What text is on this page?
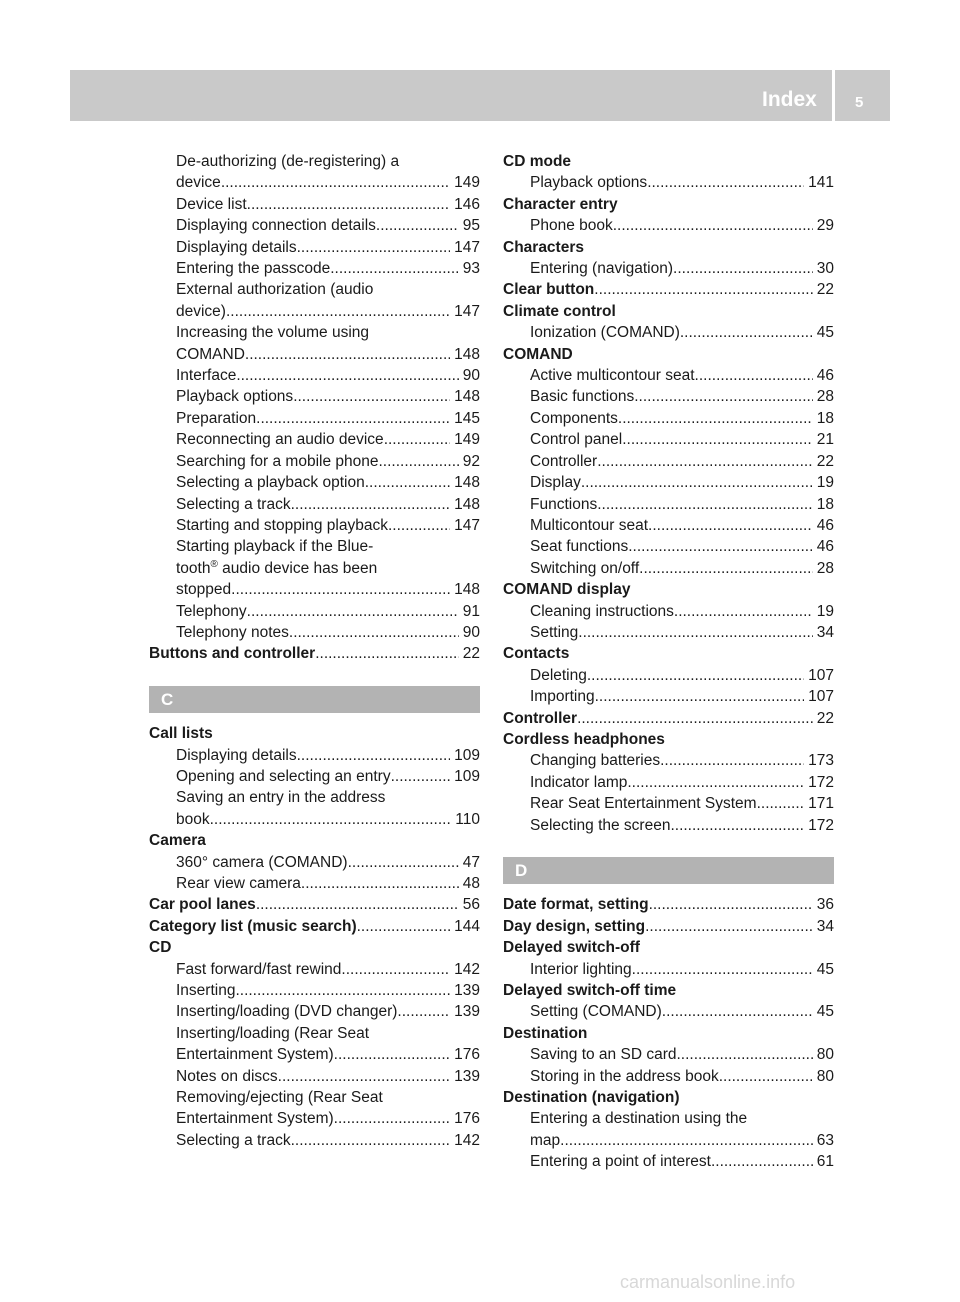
Index	5
De-authorizing (de-registering) a
device .....	149
Device list .....	146
Displaying connection details .....	95
Displaying details .....	147
Entering the passcode .....	93
External authorization (audio
device) .....	147
Increasing the volume using
COMAND .....	148
Interface .....	90
Playback options .....	148
Preparation .....	145
Reconnecting an audio device .....	149
Searching for a mobile phone .....	92
Selecting a playback option .....	148
Selecting a track .....	148
Starting and stopping playback .....	147
Starting playback if the Blue-
tooth® audio device has been
stopped .....	148
Telephony .....	91
Telephony notes .....	90
Buttons and controller .....	22
C
Call lists
Displaying details .....	109
Opening and selecting an entry .....	109
Saving an entry in the address
book .....	110
Camera
360° camera (COMAND) .....	47
Rear view camera .....	48
Car pool lanes .....	56
Category list (music search) .....	144
CD
Fast forward/fast rewind .....	142
Inserting .....	139
Inserting/loading (DVD changer) .....	139
Inserting/loading (Rear Seat
Entertainment System) .....	176
Notes on discs .....	139
Removing/ejecting (Rear Seat
Entertainment System) .....	176
Selecting a track .....	142
CD mode
Playback options .....	141
Character entry
Phone book .....	29
Characters
Entering (navigation) .....	30
Clear button .....	22
Climate control
Ionization (COMAND) .....	45
COMAND
Active multicontour seat .....	46
Basic functions .....	28
Components .....	18
Control panel .....	21
Controller .....	22
Display .....	19
Functions .....	18
Multicontour seat .....	46
Seat functions .....	46
Switching on/off .....	28
COMAND display
Cleaning instructions .....	19
Setting .....	34
Contacts
Deleting .....	107
Importing .....	107
Controller .....	22
Cordless headphones
Changing batteries .....	173
Indicator lamp .....	172
Rear Seat Entertainment System .....	171
Selecting the screen .....	172
D
Date format, setting .....	36
Day design, setting .....	34
Delayed switch-off
Interior lighting .....	45
Delayed switch-off time
Setting (COMAND) .....	45
Destination
Saving to an SD card .....	80
Storing in the address book .....	80
Destination (navigation)
Entering a destination using the
map .....	63
Entering a point of interest .....	61
carmanualsonline.info
